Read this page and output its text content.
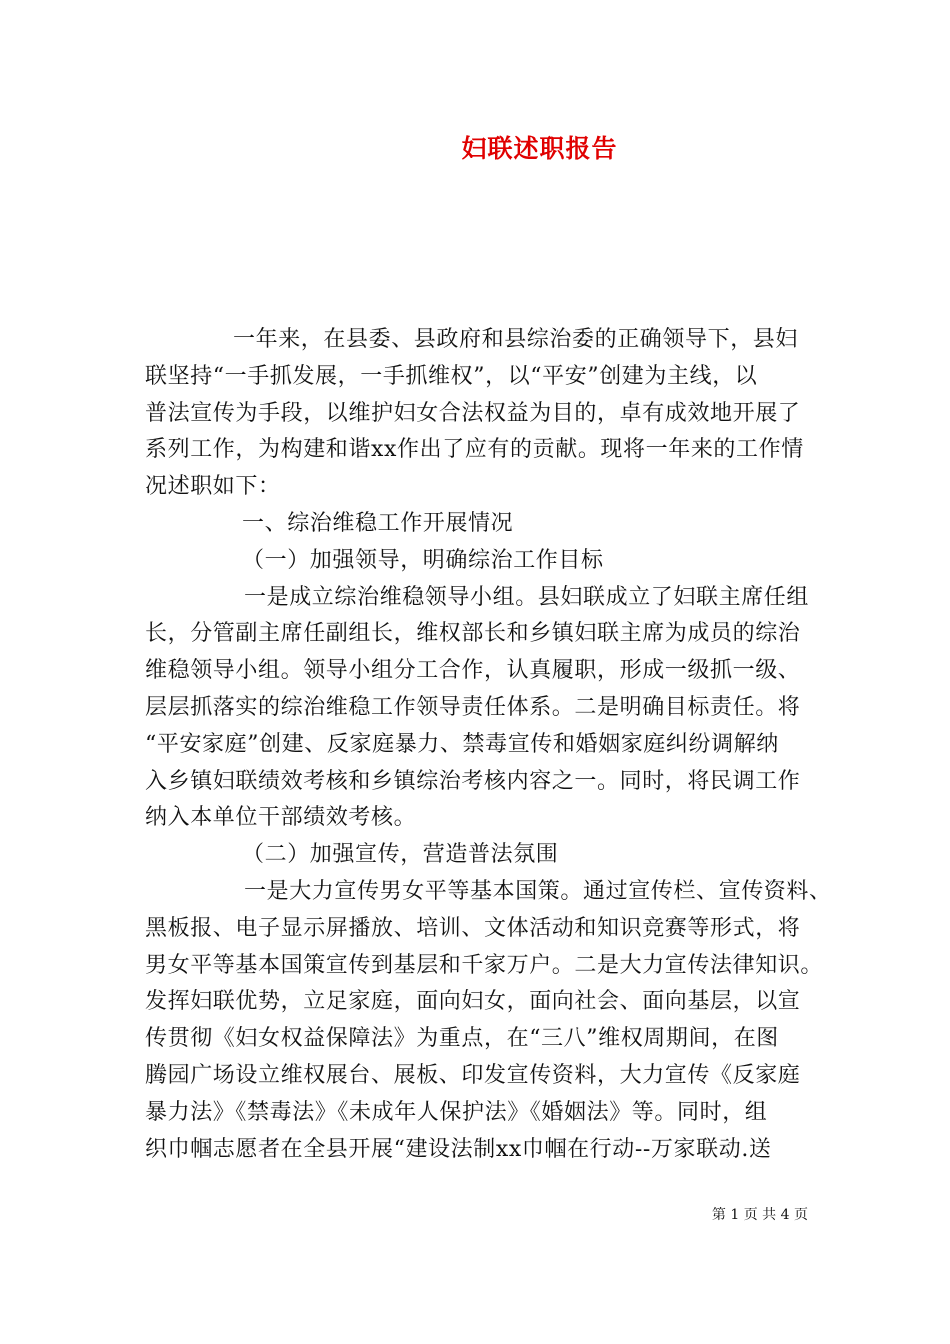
妇联述职报告
一年来，在县委、县政府和县综治委的正确领导下，县妇
联坚持“一手抓发展，一手抓维权”，以“平安”创建为主线，以
普法宣传为手段，以维护妇女合法权益为目的，卓有成效地开展了
系列工作，为构建和谐xx作出了应有的贡献。现将一年来的工作情
况述职如下：
一、综治维稳工作开展情况
（一）加强领导，明确综治工作目标
一是成立综治维稳领导小组。县妇联成立了妇联主席任组
长，分管副主席任副组长，维权部长和乡镇妇联主席为成员的综治
维稳领导小组。领导小组分工合作，认真履职，形成一级抓一级、
层层抓落实的综治维稳工作领导责任体系。二是明确目标责任。将
“平安家庭”创建、反家庭暴力、禁毒宣传和婚姻家庭纠纷调解纳
入乡镇妇联绩效考核和乡镇综治考核内容之一。同时，将民调工作
纳入本单位干部绩效考核。
（二）加强宣传，营造普法氛围
一是大力宣传男女平等基本国策。通过宣传栏、宣传资料、
黑板报、电子显示屏播放、培训、文体活动和知识竞赛等形式，将
男女平等基本国策宣传到基层和千家万户。二是大力宣传法律知识。
发挥妇联优势，立足家庭，面向妇女，面向社会、面向基层，以宣
传贯彻《妇女权益保障法》为重点，在“三八”维权周期间，在图
腾园广场设立维权展台、展板、印发宣传资料，大力宣传《反家庭
暴力法》《禁毒法》《未成年人保护法》《婚姻法》等。同时，组
织巾帼志愿者在全县开展“建设法制xx巾帼在行动--万家联动.送
第 1 页 共 4 页
